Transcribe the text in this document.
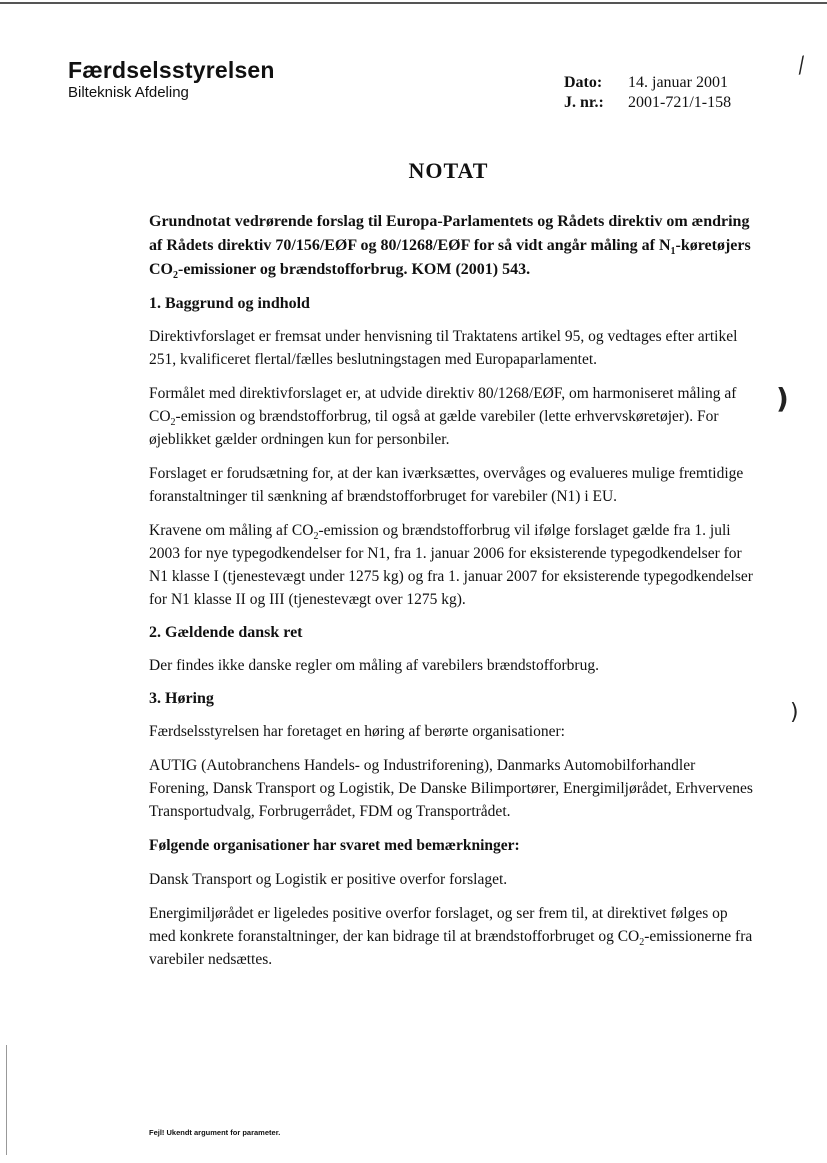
Færdselsstyrelsen
Bilteknisk Afdeling
Dato: 14. januar 2001
J. nr.: 2001-721/1-158
NOTAT
Grundnotat vedrørende forslag til Europa-Parlamentets og Rådets direktiv om ændring af Rådets direktiv 70/156/EØF og 80/1268/EØF for så vidt angår måling af $N_1$-køretøjers $CO_2$-emissioner og brændstofforbrug. KOM (2001) 543.
1. Baggrund og indhold

Direktivforslaget er fremsat under henvisning til Traktatens artikel 95, og vedtages efter artikel 251, kvalificeret flertal/fælles beslutningstagen med Europaparlamentet.

Formålet med direktivforslaget er, at udvide direktiv 80/1268/EØF, om harmoniseret måling af $CO_2$-emission og brændstofforbrug, til også at gælde varebiler (lette erhvervskøretøjer). For øjeblikket gælder ordningen kun for personbiler.

Forslaget er forudsætning for, at der kan iværksættes, overvåges og evalueres mulige fremtidige foranstaltninger til sænkning af brændstofforbruget for varebiler (N1) i EU.

Kravene om måling af $CO_2$-emission og brændstofforbrug vil ifølge forslaget gælde fra 1. juli 2003 for nye typegodkendelser for N1, fra 1. januar 2006 for eksisterende typegodkendelser for N1 klasse I (tjenestevægt under 1275 kg) og fra 1. januar 2007 for eksisterende typegodkendelser for N1 klasse II og III (tjenestevægt over 1275 kg).

2. Gældende dansk ret

Der findes ikke danske regler om måling af varebilers brændstofforbrug.

3. Høring

Færdselsstyrelsen har foretaget en høring af berørte organisationer:

AUTIG (Autobranchens Handels- og Industriforening), Danmarks Automobilforhandler Forening, Dansk Transport og Logistik, De Danske Bilimportører, Energimiljørådet, Erhvervenes Transportudvalg, Forbrugerrådet, FDM og Transportrådet.

Følgende organisationer har svaret med bemærkninger:

Dansk Transport og Logistik er positive overfor forslaget.

Energimiljørådet er ligeledes positive overfor forslaget, og ser frem til, at direktivet følges op med konkrete foranstaltninger, der kan bidrage til at brændstofforbruget og $CO_2$-emissionerne fra varebiler nedsættes.

Fejl! Ukendt argument for parameter.
⁄
)
)
